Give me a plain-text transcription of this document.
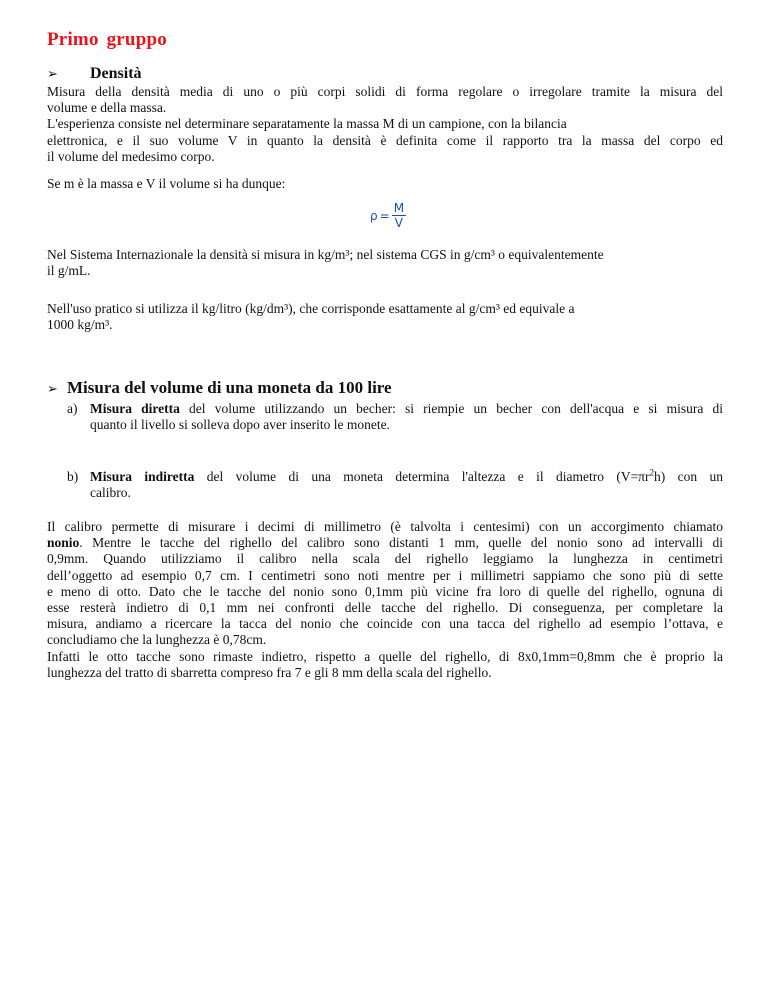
Primo gruppo
➢	Densità
Misura della densità media di uno o più corpi solidi di forma regolare o irregolare tramite la misura del
volume e della massa.
L'esperienza consiste nel determinare separatamente la massa M di un campione, con la bilancia
elettronica, e il suo volume V in quanto la densità è definita come il rapporto tra la massa del corpo ed
il volume del medesimo corpo.
Se m è la massa e V il volume si ha dunque:
$\rho = \frac{M}{V}$
Nel Sistema Internazionale la densità si misura in kg/m³; nel sistema CGS in g/cm³ o equivalentemente
il g/mL.
Nell'uso pratico si utilizza il kg/litro (kg/dm³), che corrisponde esattamente al g/cm³ ed equivale a
1000 kg/m³.
➢ Misura del volume di una moneta da 100 lire
a) Misura diretta del volume utilizzando un becher: si riempie un becher con dell'acqua e si misura di
quanto il livello si solleva dopo aver inserito le monete.
b) Misura indiretta del volume di una moneta determina l'altezza e il diametro $(V=\pi r^2h)$ con un
calibro.
Il calibro permette di misurare i decimi di millimetro (è talvolta i centesimi) con un accorgimento chiamato
nonio. Mentre le tacche del righello del calibro sono distanti 1 mm, quelle del nonio sono ad intervalli di
0,9mm. Quando utilizziamo il calibro nella scala del righello leggiamo la lunghezza in centimetri
dell’oggetto ad esempio 0,7 cm. I centimetri sono noti mentre per i millimetri sappiamo che sono più di sette
e meno di otto. Dato che le tacche del nonio sono 0,1mm più vicine fra loro di quelle del righello, ognuna di
esse resterà indietro di 0,1 mm nei confronti delle tacche del righello. Di conseguenza, per completare la
misura, andiamo a ricercare la tacca del nonio che coincide con una tacca del righello ad esempio l’ottava, e
concludiamo che la lunghezza è 0,78cm.
Infatti le otto tacche sono rimaste indietro, rispetto a quelle del righello, di 8x0,1mm=0,8mm che è proprio la
lunghezza del tratto di sbarretta compreso fra 7 e gli 8 mm della scala del righello.
